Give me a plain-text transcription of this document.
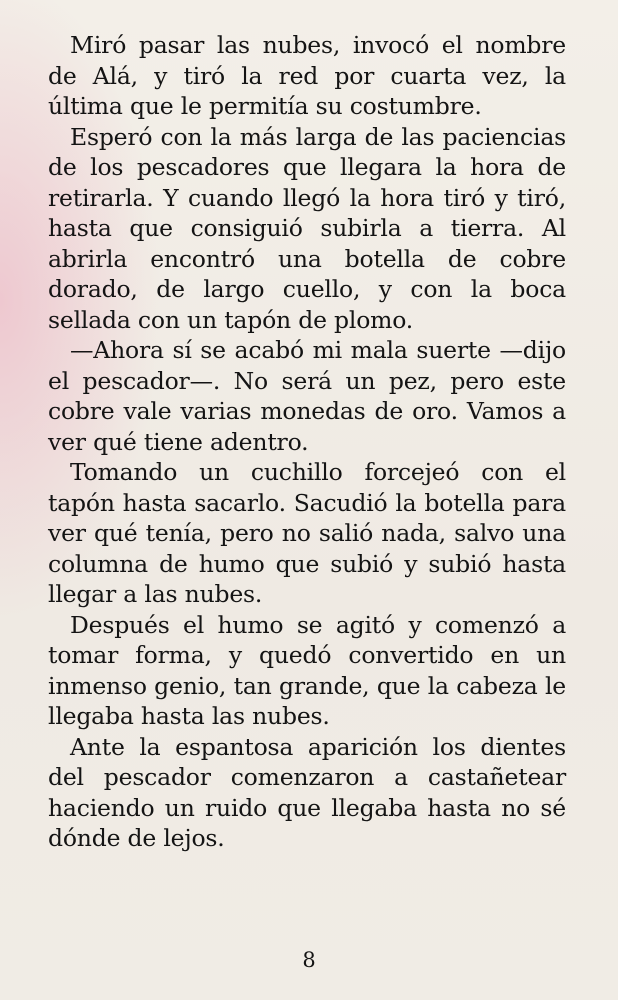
Miró pasar las nubes, invocó el nombre de Alá, y tiró la red por cuarta vez, la última que le permitía su costumbre.

Esperó con la más larga de las paciencias de los pescadores que llegara la hora de retirarla. Y cuando llegó la hora tiró y tiró, hasta que consiguió subirla a tierra. Al abrirla encontró una botella de cobre dorado, de largo cuello, y con la boca sellada con un tapón de plomo.

—Ahora sí se acabó mi mala suerte —dijo el pescador—. No será un pez, pero este cobre vale varias monedas de oro. Vamos a ver qué tiene adentro.

Tomando un cuchillo forcejeó con el tapón hasta sacarlo. Sacudió la botella para ver qué tenía, pero no salió nada, salvo una columna de humo que subió y subió hasta llegar a las nubes.

Después el humo se agitó y comenzó a tomar forma, y quedó convertido en un inmenso genio, tan grande, que la cabeza le llegaba hasta las nubes.

Ante la espantosa aparición los dientes del pescador comenzaron a castañetear haciendo un ruido que llegaba hasta no sé dónde de lejos.

8
